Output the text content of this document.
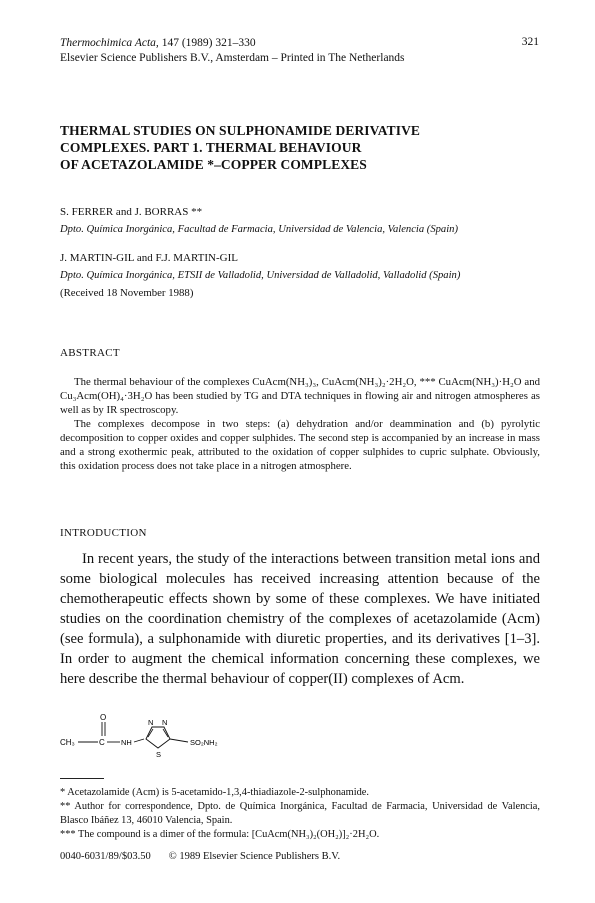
Thermochimica Acta, 147 (1989) 321–330
Elsevier Science Publishers B.V., Amsterdam – Printed in The Netherlands
321
THERMAL STUDIES ON SULPHONAMIDE DERIVATIVE
COMPLEXES. PART 1. THERMAL BEHAVIOUR
OF ACETAZOLAMIDE *–COPPER COMPLEXES
S. FERRER and J. BORRAS **
Dpto. Química Inorgánica, Facultad de Farmacia, Universidad de Valencia, Valencia (Spain)
J. MARTIN-GIL and F.J. MARTIN-GIL
Dpto. Química Inorgánica, ETSII de Valladolid, Universidad de Valladolid, Valladolid (Spain)
(Received 18 November 1988)
ABSTRACT

The thermal behaviour of the complexes CuAcm(NH₃)₃, CuAcm(NH₃)₂·2H₂O, *** CuAcm(NH₃)·H₂O and Cu₃Acm(OH)₄·3H₂O has been studied by TG and DTA techniques in flowing air and nitrogen atmospheres as well as by IR spectroscopy.

The complexes decompose in two steps: (a) dehydration and/or deammination and (b) pyrolytic decomposition to copper oxides and copper sulphides. The second step is accompanied by an increase in mass and a strong exothermic peak, attributed to the oxidation of copper sulphides to cupric sulphate. Obviously, this oxidation process does not take place in a nitrogen atmosphere.

INTRODUCTION

In recent years, the study of the interactions between transition metal ions and some biological molecules has received increasing attention because of the chemotherapeutic effects shown by some of these complexes. We have initiated studies on the coordination chemistry of the complexes of acetazolamide (Acm) (see formula), a sulphonamide with diuretic properties, and its derivatives [1–3]. In order to augment the chemical information concerning these complexes, we here describe the thermal behaviour of copper(II) complexes of Acm.

CH₃	C
O
NH
N N
S
SO₂NH₂

* Acetazolamide (Acm) is 5-acetamido-1,3,4-thiadiazole-2-sulphonamide.

** Author for correspondence, Dpto. de Química Inorgánica, Facultad de Farmacia, Universidad de Valencia, Blasco Ibáñez 13, 46010 Valencia, Spain.

*** The compound is a dimer of the formula: [CuAcm(NH₃)₂(OH₂)]₂·2H₂O.

0040-6031/89/$03.50 © 1989 Elsevier Science Publishers B.V.
